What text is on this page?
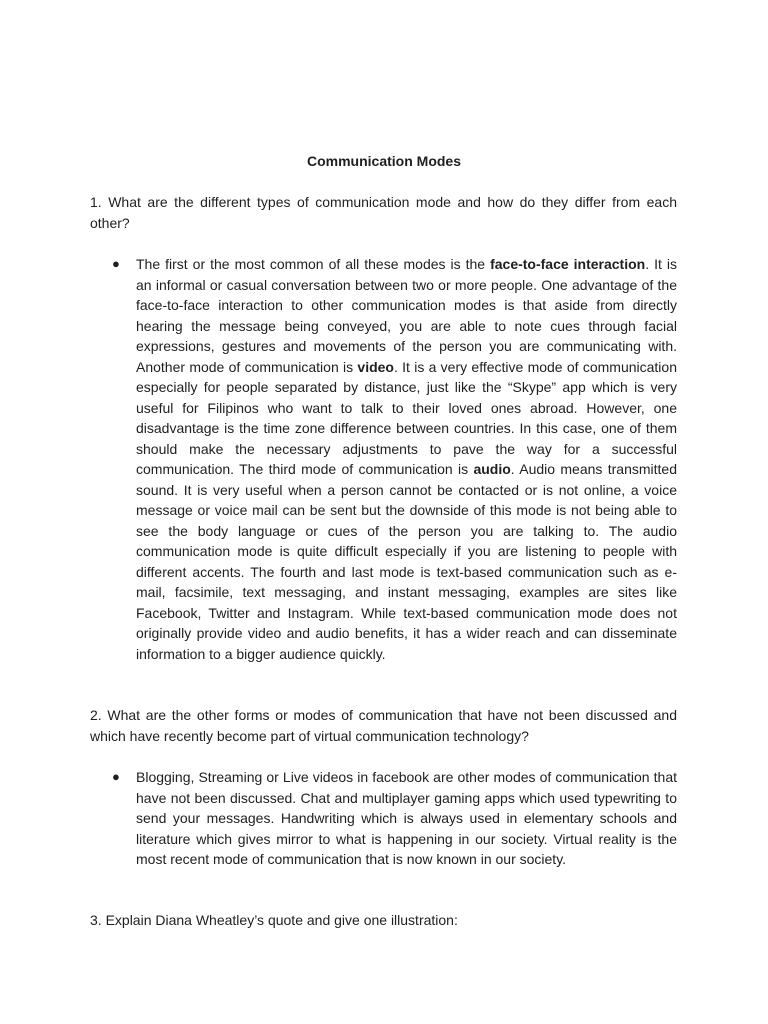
Communication Modes

1. What are the different types of communication mode and how do they differ from each other?

●	The first or the most common of all these modes is the face-to-face interaction. It is an informal or casual conversation between two or more people. One advantage of the face-to-face interaction to other communication modes is that aside from directly hearing the message being conveyed, you are able to note cues through facial expressions, gestures and movements of the person you are communicating with. Another mode of communication is video. It is a very effective mode of communication especially for people separated by distance, just like the “Skype” app which is very useful for Filipinos who want to talk to their loved ones abroad. However, one disadvantage is the time zone difference between countries. In this case, one of them should make the necessary adjustments to pave the way for a successful communication. The third mode of communication is audio. Audio means transmitted sound. It is very useful when a person cannot be contacted or is not online, a voice message or voice mail can be sent but the downside of this mode is not being able to see the body language or cues of the person you are talking to. The audio communication mode is quite difficult especially if you are listening to people with different accents. The fourth and last mode is text-based communication such as e-mail, facsimile, text messaging, and instant messaging, examples are sites like Facebook, Twitter and Instagram. While text-based communication mode does not originally provide video and audio benefits, it has a wider reach and can disseminate information to a bigger audience quickly.

2. What are the other forms or modes of communication that have not been discussed and which have recently become part of virtual communication technology?

●	Blogging, Streaming or Live videos in facebook are other modes of communication that have not been discussed. Chat and multiplayer gaming apps which used typewriting to send your messages. Handwriting which is always used in elementary schools and literature which gives mirror to what is happening in our society. Virtual reality is the most recent mode of communication that is now known in our society.

3. Explain Diana Wheatley’s quote and give one illustration:
